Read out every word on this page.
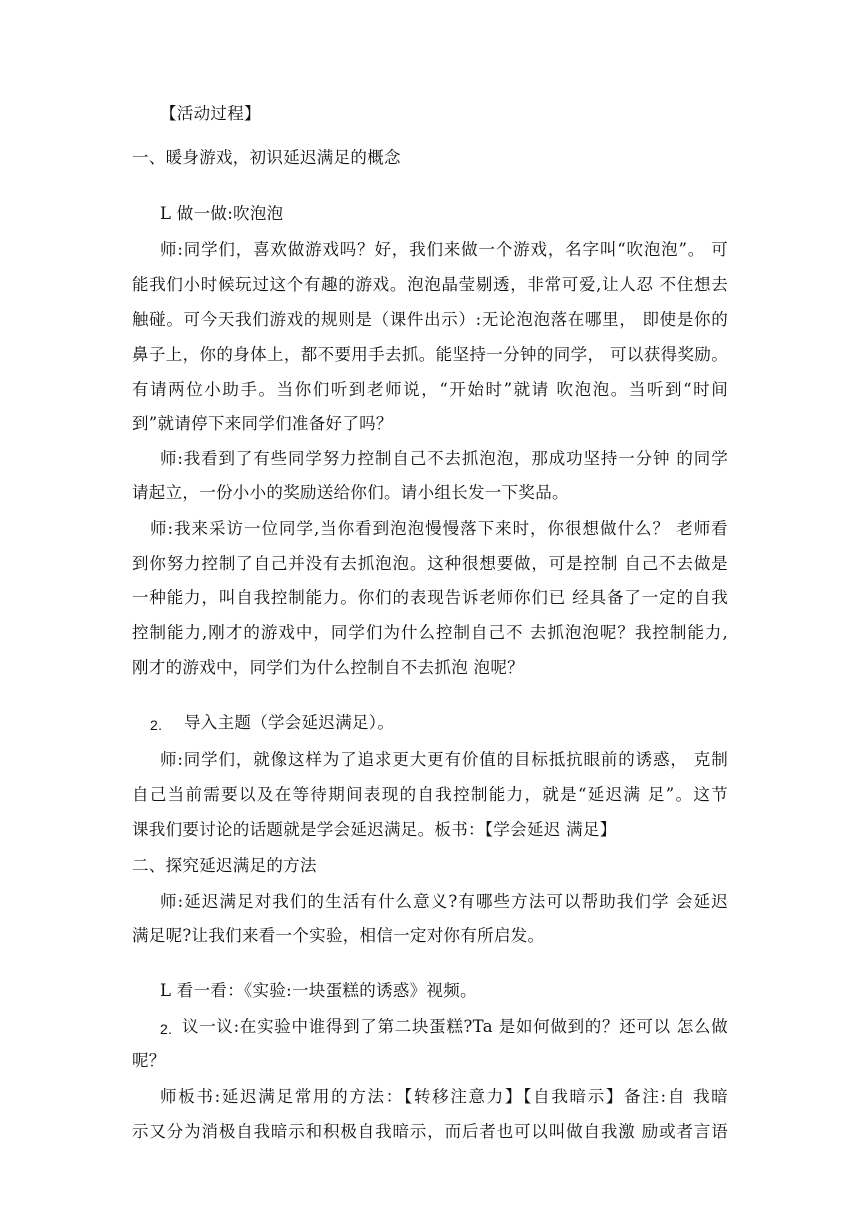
【活动过程】
一、暖身游戏，初识延迟满足的概念
L 做一做:吹泡泡
师:同学们，喜欢做游戏吗？好，我们来做一个游戏，名字叫“吹泡泡”。 可
能我们小时候玩过这个有趣的游戏。泡泡晶莹剔透，非常可爱,让人忍 不住想去
触碰。可今天我们游戏的规则是（课件出示）:无论泡泡落在哪里， 即使是你的
鼻子上，你的身体上，都不要用手去抓。能坚持一分钟的同学， 可以获得奖励。
有请两位小助手。当你们听到老师说，“开始时”就请 吹泡泡。当听到“时间
到”就请停下来同学们准备好了吗？
师:我看到了有些同学努力控制自己不去抓泡泡，那成功坚持一分钟 的同学
请起立，一份小小的奖励送给你们。请小组长发一下奖品。
师:我来采访一位同学,当你看到泡泡慢慢落下来时，你很想做什么？ 老师看
到你努力控制了自己并没有去抓泡泡。这种很想要做，可是控制 自己不去做是
一种能力，叫自我控制能力。你们的表现告诉老师你们已 经具备了一定的自我
控制能力,刚才的游戏中，同学们为什么控制自己不 去抓泡泡呢？我控制能力,
刚才的游戏中，同学们为什么控制自不去抓泡 泡呢？
2. 导入主题（学会延迟满足）。
师:同学们，就像这样为了追求更大更有价值的目标抵抗眼前的诱惑， 克制
自己当前需要以及在等待期间表现的自我控制能力，就是“延迟满 足”。这节
课我们要讨论的话题就是学会延迟满足。板书：【学会延迟 满足】
二、探究延迟满足的方法
师:延迟满足对我们的生活有什么意义?有哪些方法可以帮助我们学 会延迟
满足呢?让我们来看一个实验，相信一定对你有所启发。
L 看一看：《实验:一块蛋糕的诱惑》视频。
2. 议一议:在实验中谁得到了第二块蛋糕?Ta 是如何做到的？还可以 怎么做
呢？
师板书:延迟满足常用的方法：【转移注意力】【自我暗示】备注:自 我暗
示又分为消极自我暗示和积极自我暗示，而后者也可以叫做自我激 励或者言语
